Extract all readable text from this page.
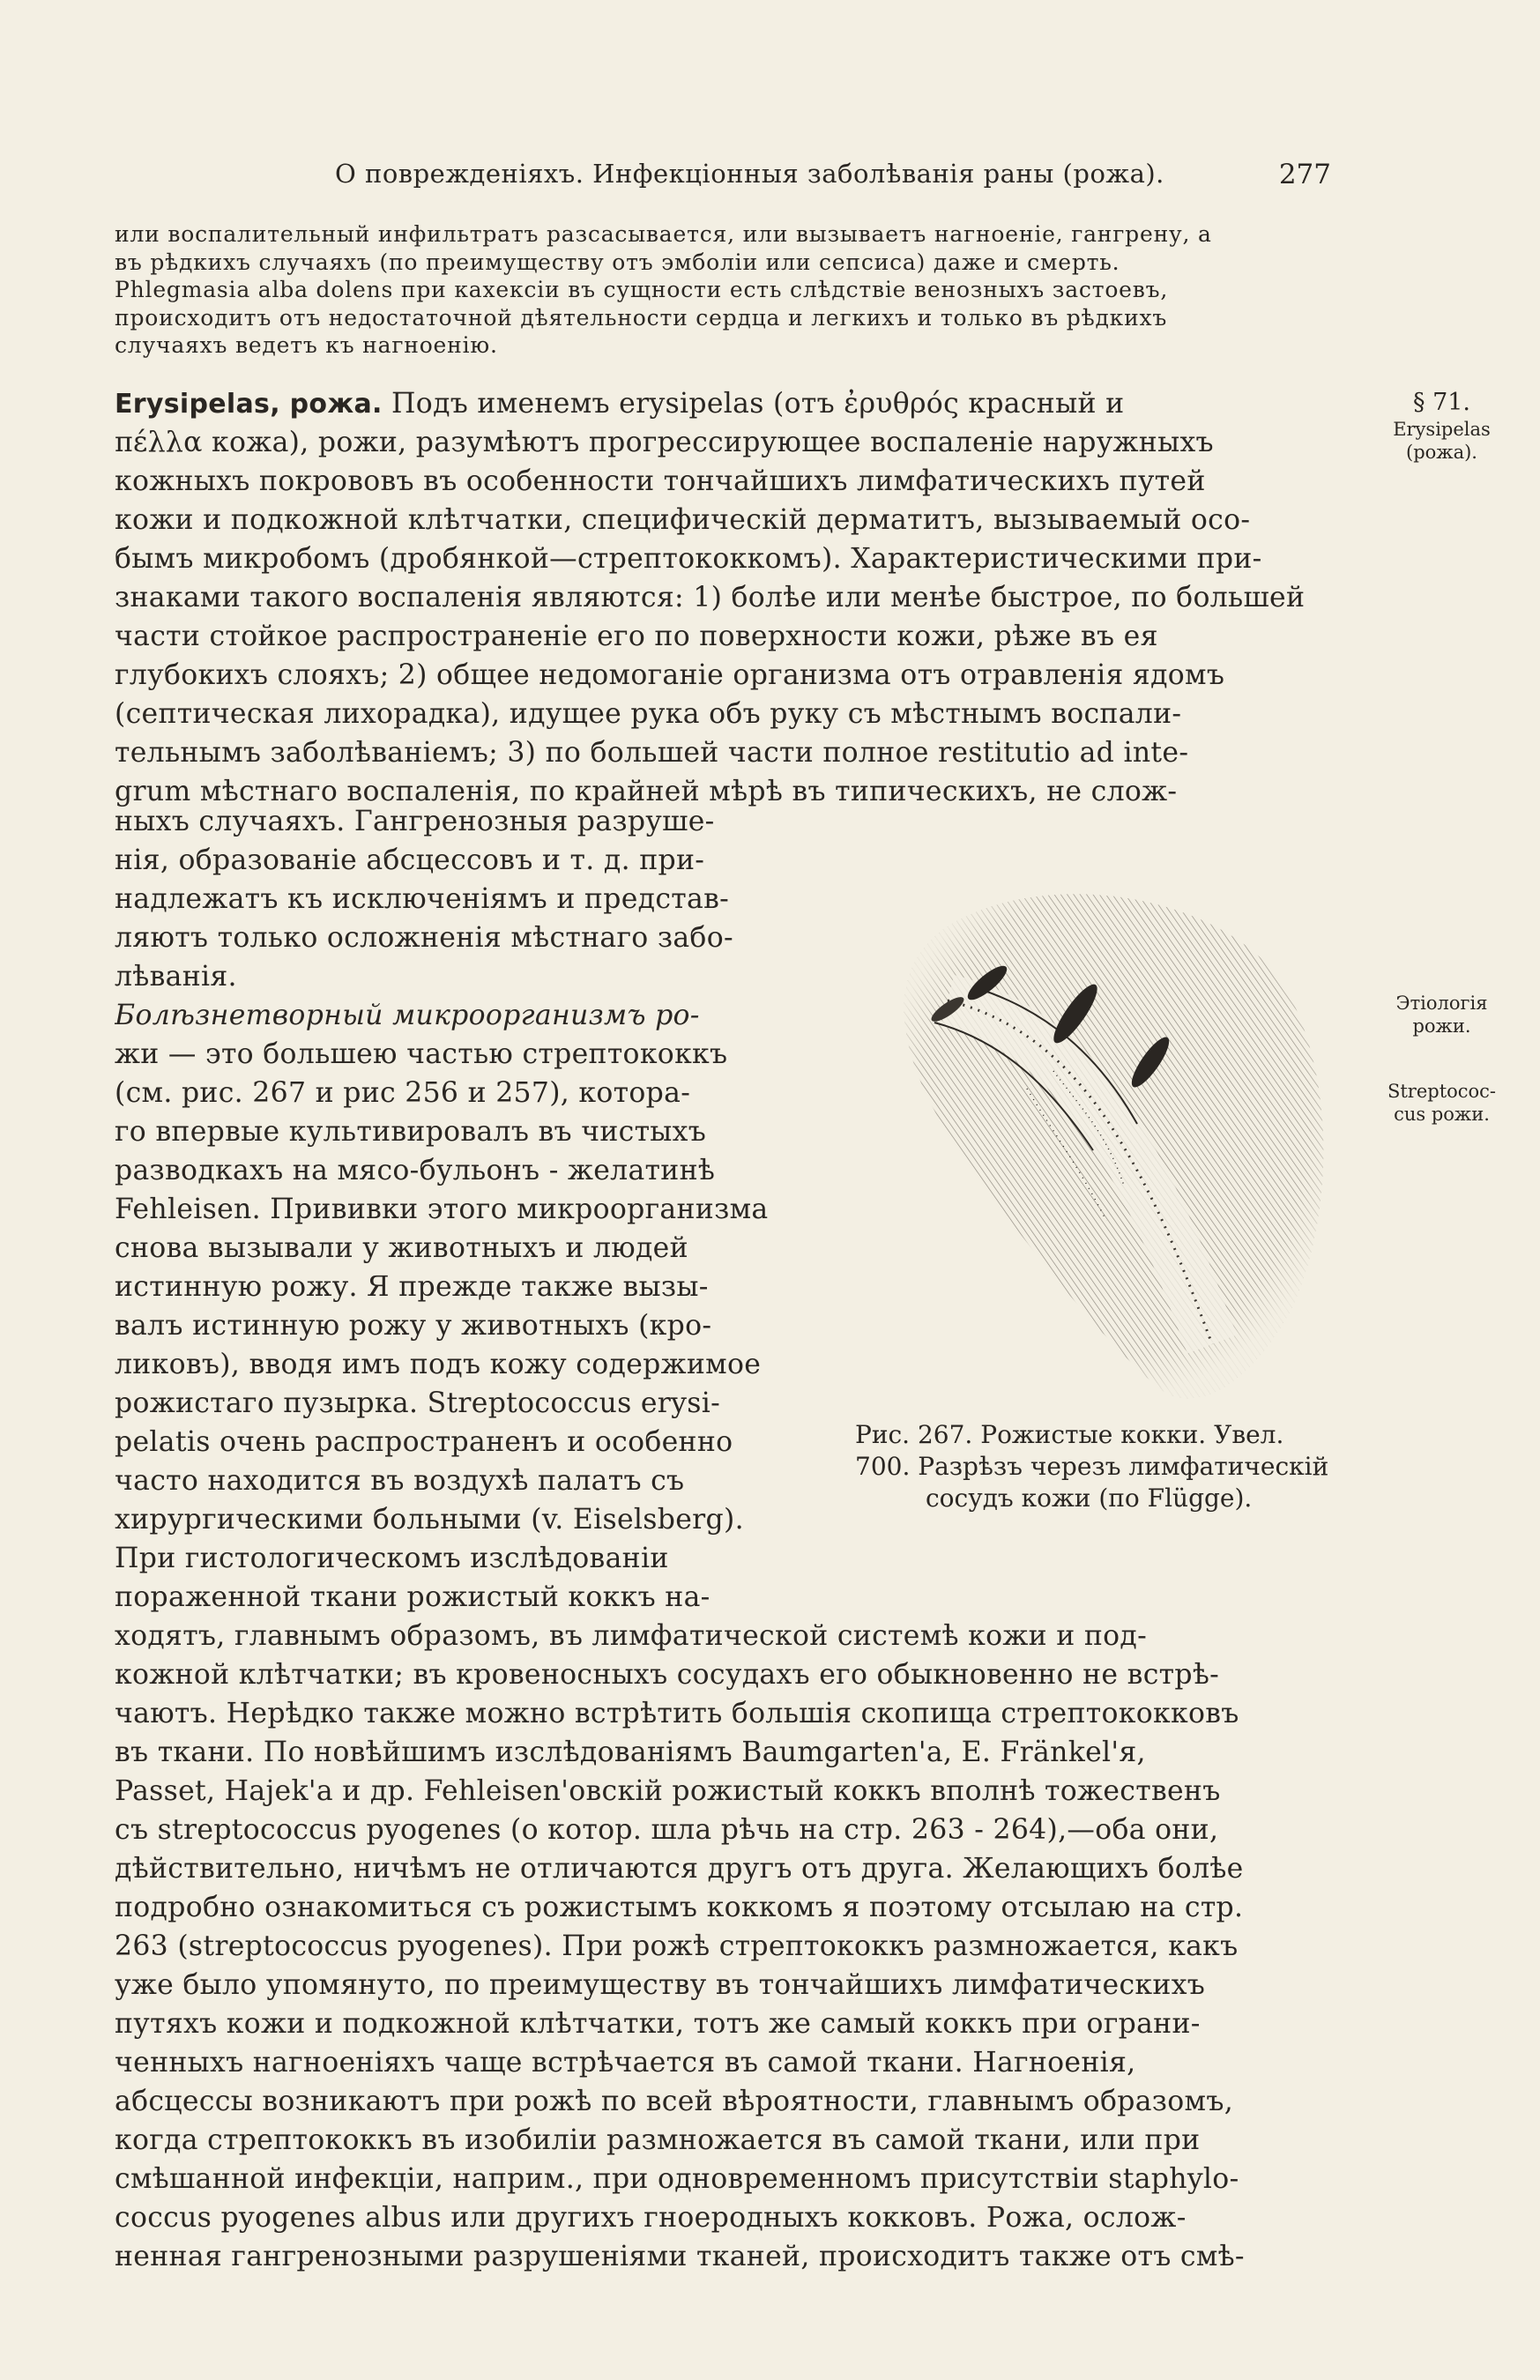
О поврежденіяхъ. Инфекціонныя заболѣванія раны (рожа).	277
или воспалительный инфильтратъ разсасывается, или вызываетъ нагноеніе, гангрену, а
въ рѣдкихъ случаяхъ (по преимуществу отъ эмболіи или сепсиса) даже и смерть.
Phlegmasia alba dolens при кахексіи въ сущности есть слѣдствіе венозныхъ застоевъ,
происходитъ отъ недостаточной дѣятельности сердца и легкихъ и только въ рѣдкихъ
случаяхъ ведетъ къ нагноенію.
Erysipelas, рожа. Подъ именемъ erysipelas (отъ ἐρυθρός красный и
πέλλα кожа), рожи, разумѣютъ прогрессирующее воспаленіе наружныхъ
кожныхъ покрововъ въ особенности тончайшихъ лимфатическихъ путей
кожи и подкожной клѣтчатки, специфическій дерматитъ, вызываемый осо-
бымъ микробомъ (дробянкой—стрептококкомъ). Характеристическими при-
знаками такого воспаленія являются: 1) болѣе или менѣе быстрое, по большей
части стойкое распространеніе его по поверхности кожи, рѣже въ ея
глубокихъ слояхъ; 2) общее недомоганіе организма отъ отравленія ядомъ
(септическая лихорадка), идущее рука объ руку съ мѣстнымъ воспали-
тельнымъ заболѣваніемъ; 3) по большей части полное restitutio ad inte-
grum мѣстнаго воспаленія, по крайней мѣрѣ въ типическихъ, не слож-
ныхъ случаяхъ. Гангренозныя разруше-
нія, образованіе абсцессовъ и т. д. при-
надлежатъ къ исключеніямъ и представ-
ляютъ только осложненія мѣстнаго забо-
лѣванія.
Болѣзнетворный микроорганизмъ ро-
жи — это большею частью стрептококкъ
(см. рис. 267 и рис 256 и 257), котора-
го впервые культивировалъ въ чистыхъ
разводкахъ на мясо-бульонъ - желатинѣ
Fehleisen. Прививки этого микроорганизма
снова вызывали у животныхъ и людей
истинную рожу. Я прежде также вызы-
валъ истинную рожу у животныхъ (кро-
ликовъ), вводя имъ подъ кожу содержимое
рожистаго пузырка. Streptococcus erysi-
pelatis очень распространенъ и особенно
часто находится въ воздухѣ палатъ съ
хирургическими больными (v. Eiselsberg).
При гистологическомъ изслѣдованіи
пораженной ткани рожистый коккъ на-
ходятъ, главнымъ образомъ, въ лимфатической системѣ кожи и под-
кожной клѣтчатки; въ кровеносныхъ сосудахъ его обыкновенно не встрѣ-
чаютъ. Нерѣдко также можно встрѣтить большія скопища стрептококковъ
въ ткани. По новѣйшимъ изслѣдованіямъ Baumgarten'а, E. Fränkel'я,
Passet, Hajek'а и др. Fehleisen'овскій рожистый коккъ вполнѣ тожественъ
съ streptococcus pyogenes (о котор. шла рѣчь на стр. 263 - 264),—оба они,
дѣйствительно, ничѣмъ не отличаются другъ отъ друга. Желающихъ болѣе
подробно ознакомиться съ рожистымъ коккомъ я поэтому отсылаю на стр.
263 (streptococcus pyogenes). При рожѣ стрептококкъ размножается, какъ
уже было упомянуто, по преимуществу въ тончайшихъ лимфатическихъ
путяхъ кожи и подкожной клѣтчатки, тотъ же самый коккъ при ограни-
ченныхъ нагноеніяхъ чаще встрѣчается въ самой ткани. Нагноенія,
абсцессы возникаютъ при рожѣ по всей вѣроятности, главнымъ образомъ,
когда стрептококкъ въ изобиліи размножается въ самой ткани, или при
смѣшанной инфекціи, наприм., при одновременномъ присутствіи staphylo-
coccus pyogenes albus или другихъ гноеродныхъ кокковъ. Рожа, ослож-
ненная гангренозными разрушеніями тканей, происходитъ также отъ смѣ-
Рис. 267. Рожистые кокки. Увел.
700. Разрѣзъ черезъ лимфатическій
сосудъ кожи (по Flügge).
§ 71.
Erysipelas
(рожа).
Этіологія
рожи.
Streptococ-
cus рожи.
